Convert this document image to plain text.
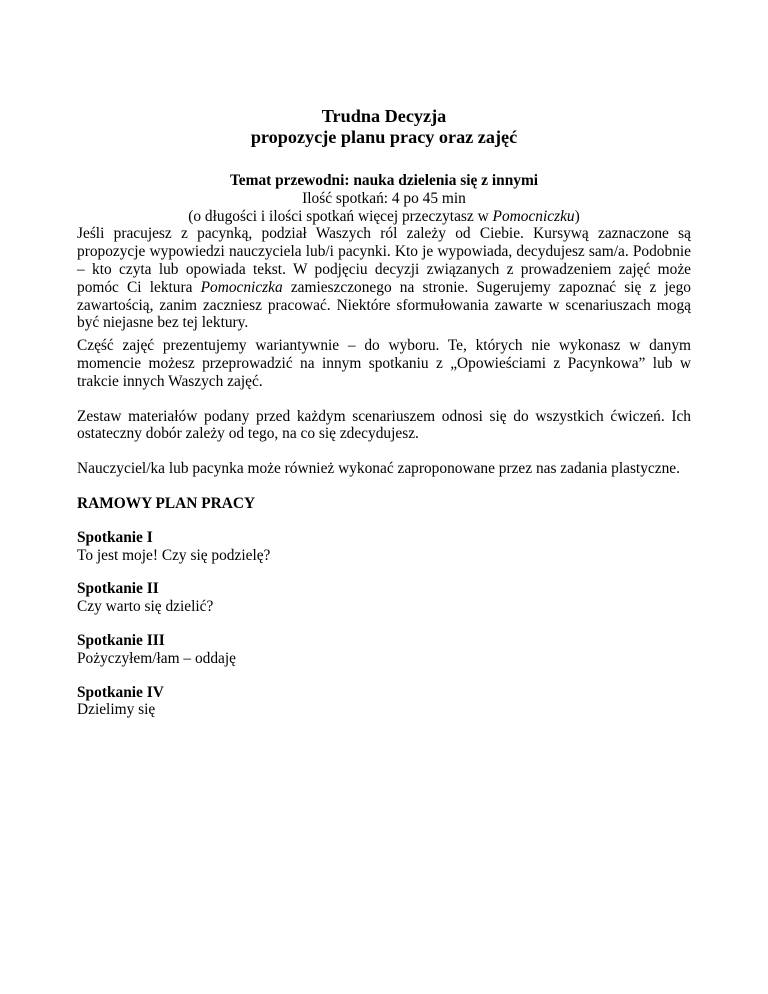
Trudna Decyzja

propozycje planu pracy oraz zajęć

Temat przewodni: nauka dzielenia się z innymi

Ilość spotkań: 4 po 45 min

(o długości i ilości spotkań więcej przeczytasz w Pomocniczku)

Jeśli pracujesz z pacynką, podział Waszych ról zależy od Ciebie. Kursywą zaznaczone są propozycje wypowiedzi nauczyciela lub/i pacynki. Kto je wypowiada, decydujesz sam/a. Podobnie – kto czyta lub opowiada tekst. W podjęciu decyzji związanych z prowadzeniem zajęć może pomóc Ci lektura Pomocniczka zamieszczonego na stronie. Sugerujemy zapoznać się z jego zawartością, zanim zaczniesz pracować. Niektóre sformułowania zawarte w scenariuszach mogą być niejasne bez tej lektury.

Część zajęć prezentujemy wariantywnie – do wyboru. Te, których nie wykonasz w danym momencie możesz przeprowadzić na innym spotkaniu z „Opowieściami z Pacynkowa” lub w trakcie innych Waszych zajęć.

Zestaw materiałów podany przed każdym scenariuszem odnosi się do wszystkich ćwiczeń. Ich ostateczny dobór zależy od tego, na co się zdecydujesz.

Nauczyciel/ka lub pacynka może również wykonać zaproponowane przez nas zadania plastyczne.

RAMOWY PLAN PRACY

Spotkanie I

To jest moje! Czy się podzielę?

Spotkanie II

Czy warto się dzielić?

Spotkanie III

Pożyczyłem/łam – oddaję

Spotkanie IV

Dzielimy się
